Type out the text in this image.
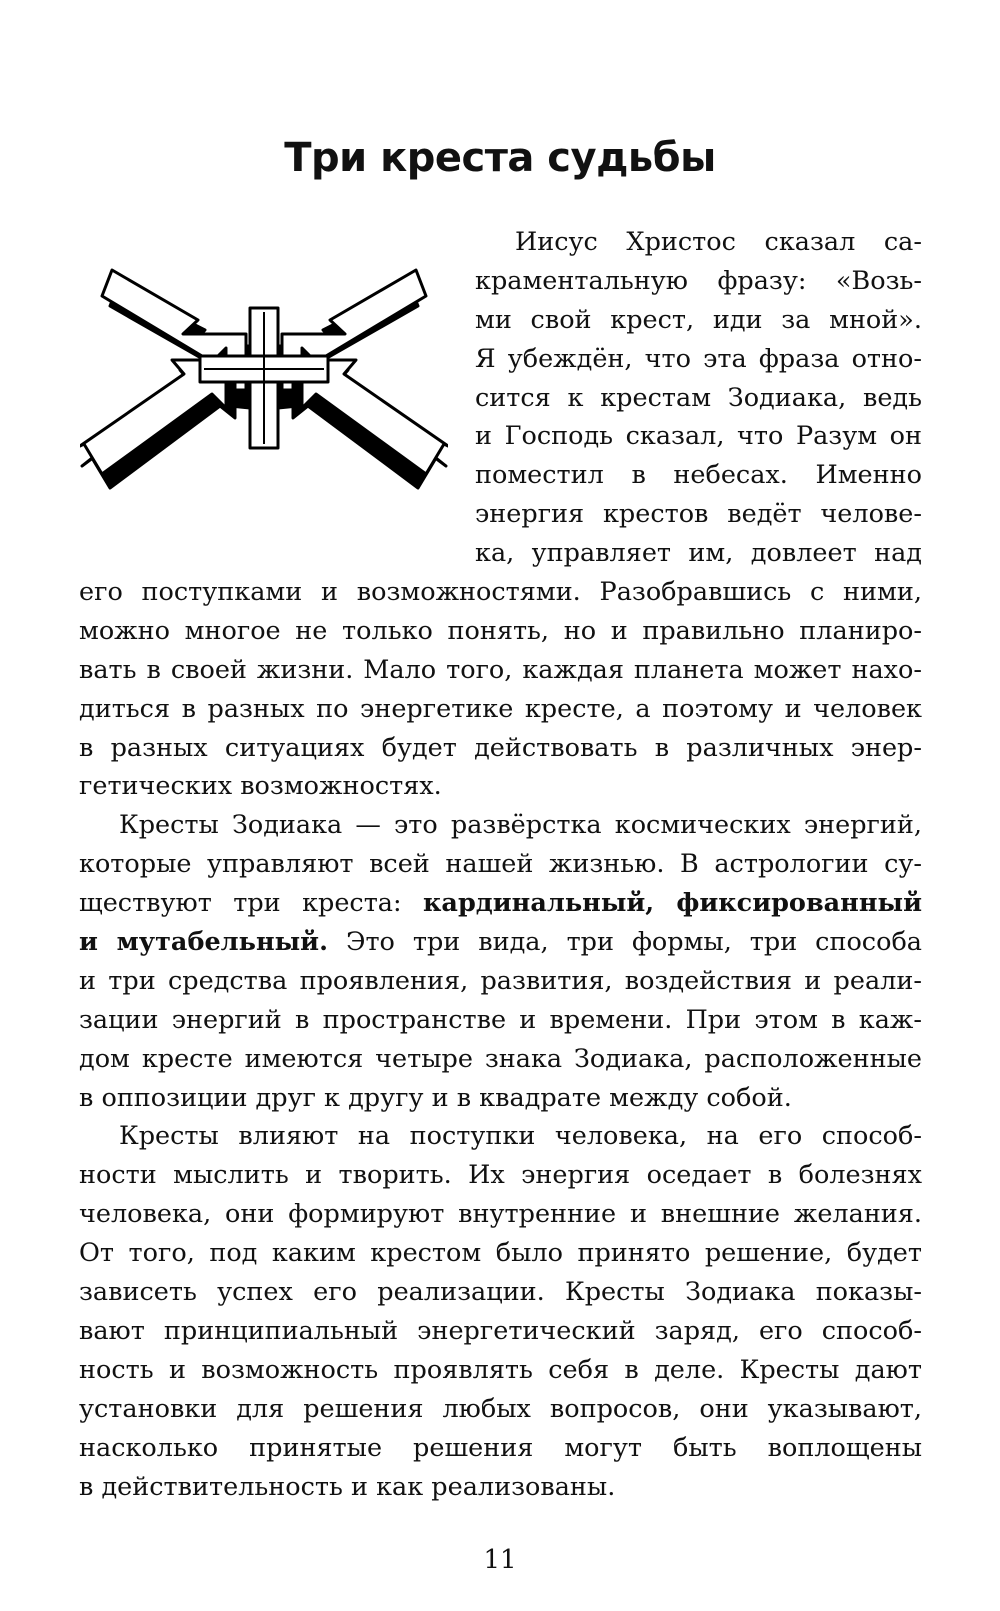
Три креста судьбы
Иисус Христос сказал са-
краментальную фразу: «Возь-
ми свой крест, иди за мной».
Я убеждён, что эта фраза отно-
сится к крестам Зодиака, ведь
и Господь сказал, что Разум он
поместил в небесах. Именно
энергия крестов ведёт челове-
ка, управляет им, довлеет над
его поступками и возможностями. Разобравшись с ними,
можно многое не только понять, но и правильно планиро-
вать в своей жизни. Мало того, каждая планета может нахо-
диться в разных по энергетике кресте, а поэтому и человек
в разных ситуациях будет действовать в различных энер-
гетических возможностях.
Кресты Зодиака — это развёрстка космических энергий,
которые управляют всей нашей жизнью. В астрологии су-
ществуют три креста: кардинальный, фиксированный
и мутабельный. Это три вида, три формы, три способа
и три средства проявления, развития, воздействия и реали-
зации энергий в пространстве и времени. При этом в каж-
дом кресте имеются четыре знака Зодиака, расположенные
в оппозиции друг к другу и в квадрате между собой.
Кресты влияют на поступки человека, на его способ-
ности мыслить и творить. Их энергия оседает в болезнях
человека, они формируют внутренние и внешние желания.
От того, под каким крестом было принято решение, будет
зависеть успех его реализации. Кресты Зодиака показы-
вают принципиальный энергетический заряд, его способ-
ность и возможность проявлять себя в деле. Кресты дают
установки для решения любых вопросов, они указывают,
насколько принятые решения могут быть воплощены
в действительность и как реализованы.
11
